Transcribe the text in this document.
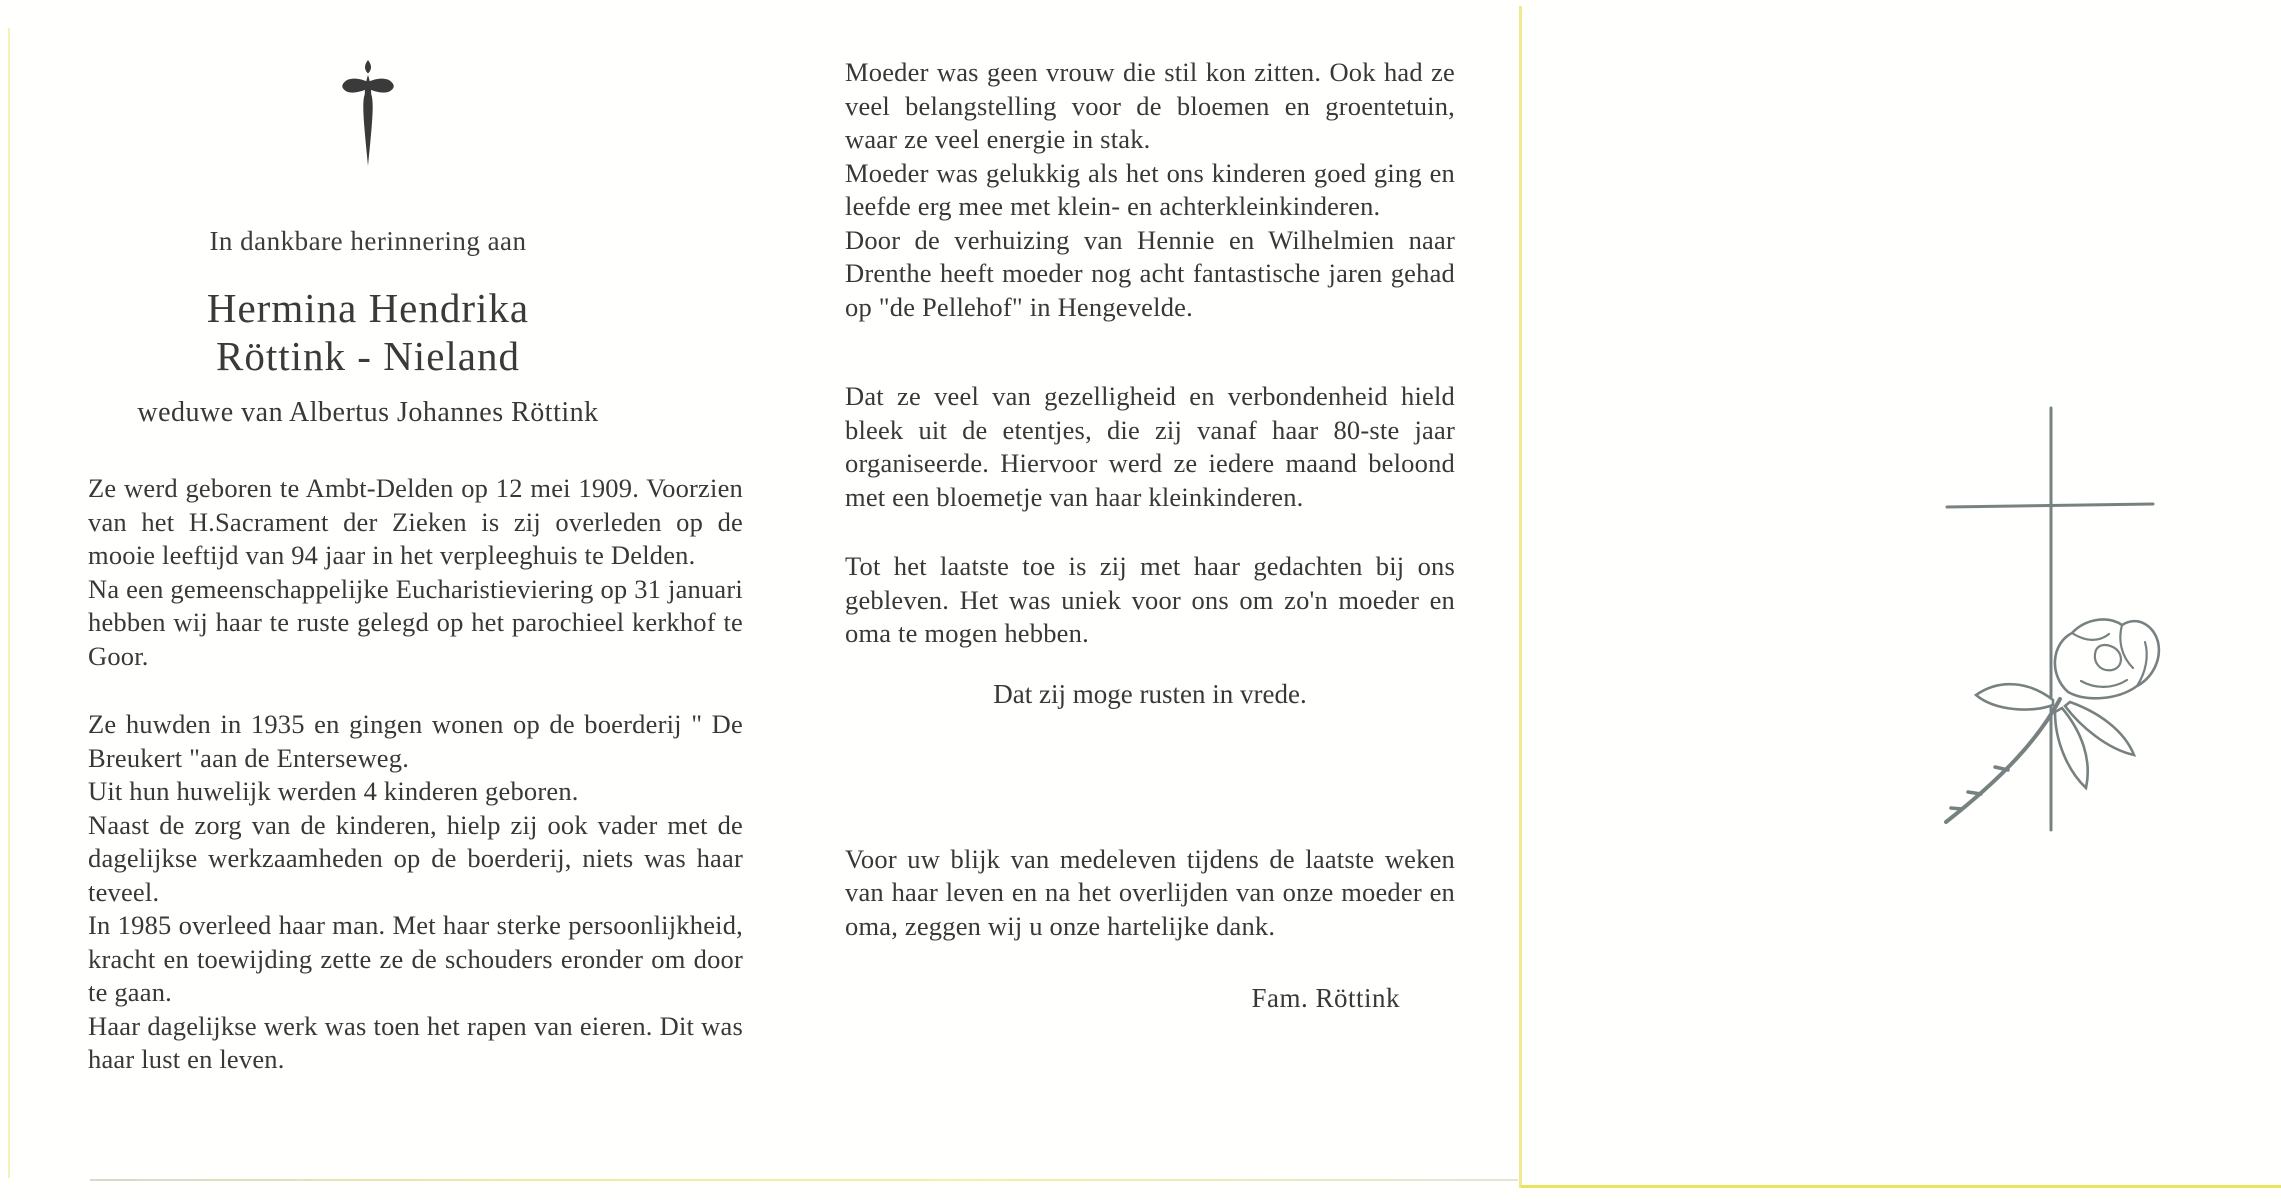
In dankbare herinnering aan

Hermina Hendrika
Röttink - Nieland

weduwe van Albertus Johannes Röttink

Ze werd geboren te Ambt-Delden op 12 mei 1909. Voorzien van het H.Sacrament der Zieken is zij overleden op de mooie leeftijd van 94 jaar in het verpleeghuis te Delden.

Na een gemeenschappelijke Eucharistieviering op 31 januari hebben wij haar te ruste gelegd op het parochieel kerkhof te Goor.

Ze huwden in 1935 en gingen wonen op de boerderij " De Breukert "aan de Enterseweg.

Uit hun huwelijk werden 4 kinderen geboren.

Naast de zorg van de kinderen, hielp zij ook vader met de dagelijkse werkzaamheden op de boerderij, niets was haar teveel.

In 1985 overleed haar man. Met haar sterke persoonlijkheid, kracht en toewijding zette ze de schouders eronder om door te gaan.

Haar dagelijkse werk was toen het rapen van eieren. Dit was haar lust en leven.

Moeder was geen vrouw die stil kon zitten. Ook had ze veel belangstelling voor de bloemen en groentetuin, waar ze veel energie in stak.

Moeder was gelukkig als het ons kinderen goed ging en leefde erg mee met klein- en achterkleinkinderen.

Door de verhuizing van Hennie en Wilhelmien naar Drenthe heeft moeder nog acht fantastische jaren gehad op "de Pellehof" in Hengevelde.

Dat ze veel van gezelligheid en verbondenheid hield bleek uit de etentjes, die zij vanaf haar 80-ste jaar organiseerde. Hiervoor werd ze iedere maand beloond met een bloemetje van haar kleinkinderen.

Tot het laatste toe is zij met haar gedachten bij ons gebleven. Het was uniek voor ons om zo'n moeder en oma te mogen hebben.

Dat zij moge rusten in vrede.

Voor uw blijk van medeleven tijdens de laatste weken van haar leven en na het overlijden van onze moeder en oma, zeggen wij u onze hartelijke dank.

Fam. Röttink
